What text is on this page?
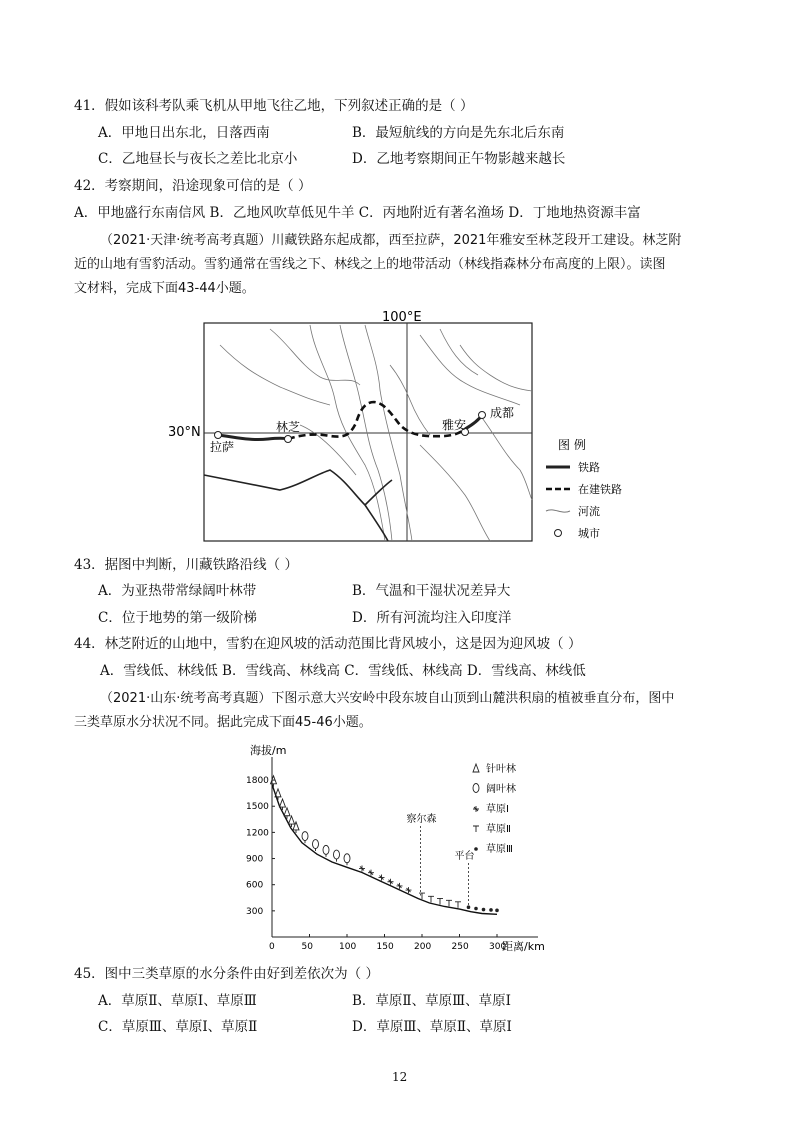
41．假如该科考队乘飞机从甲地飞往乙地，下列叙述正确的是（ ）
A．甲地日出东北，日落西南	B．最短航线的方向是先东北后东南
C．乙地昼长与夜长之差比北京小	D．乙地考察期间正午物影越来越长
42．考察期间，沿途现象可信的是（ ）
A．甲地盛行东南信风 B．乙地风吹草低见牛羊 C．丙地附近有著名渔场 D．丁地地热资源丰富
（2021·天津·统考高考真题）川藏铁路东起成都，西至拉萨，2021年雅安至林芝段开工建设。林芝附
近的山地有雪豹活动。雪豹通常在雪线之下、林线之上的地带活动（林线指森林分布高度的上限）。读图
文材料，完成下面43-44小题。
100°E
30°N
拉萨
林芝	雅安
成都
图 例
铁路
在建铁路
河流
城市
43．据图中判断，川藏铁路沿线（ ）
A．为亚热带常绿阔叶林带	B．气温和干湿状况差异大
C．位于地势的第一级阶梯	D．所有河流均注入印度洋
44．林芝附近的山地中，雪豹在迎风坡的活动范围比背风坡小，这是因为迎风坡（ ）
A．雪线低、林线低 B．雪线高、林线高 C．雪线低、林线高 D．雪线高、林线低
（2021·山东·统考高考真题）下图示意大兴安岭中段东坡自山顶到山麓洪积扇的植被垂直分布，图中
三类草原水分状况不同。据此完成下面45-46小题。
海拔/m
距离/km
0	50	100 150 200 250 300
300
600
900
1200
1500
1800
察尔森
平台
针叶林
阔叶林
草原Ⅰ
草原Ⅱ
草原Ⅲ
45．图中三类草原的水分条件由好到差依次为（ ）
A．草原Ⅱ、草原Ⅰ、草原Ⅲ	B．草原Ⅱ、草原Ⅲ、草原Ⅰ
C．草原Ⅲ、草原Ⅰ、草原Ⅱ	D．草原Ⅲ、草原Ⅱ、草原Ⅰ
12
